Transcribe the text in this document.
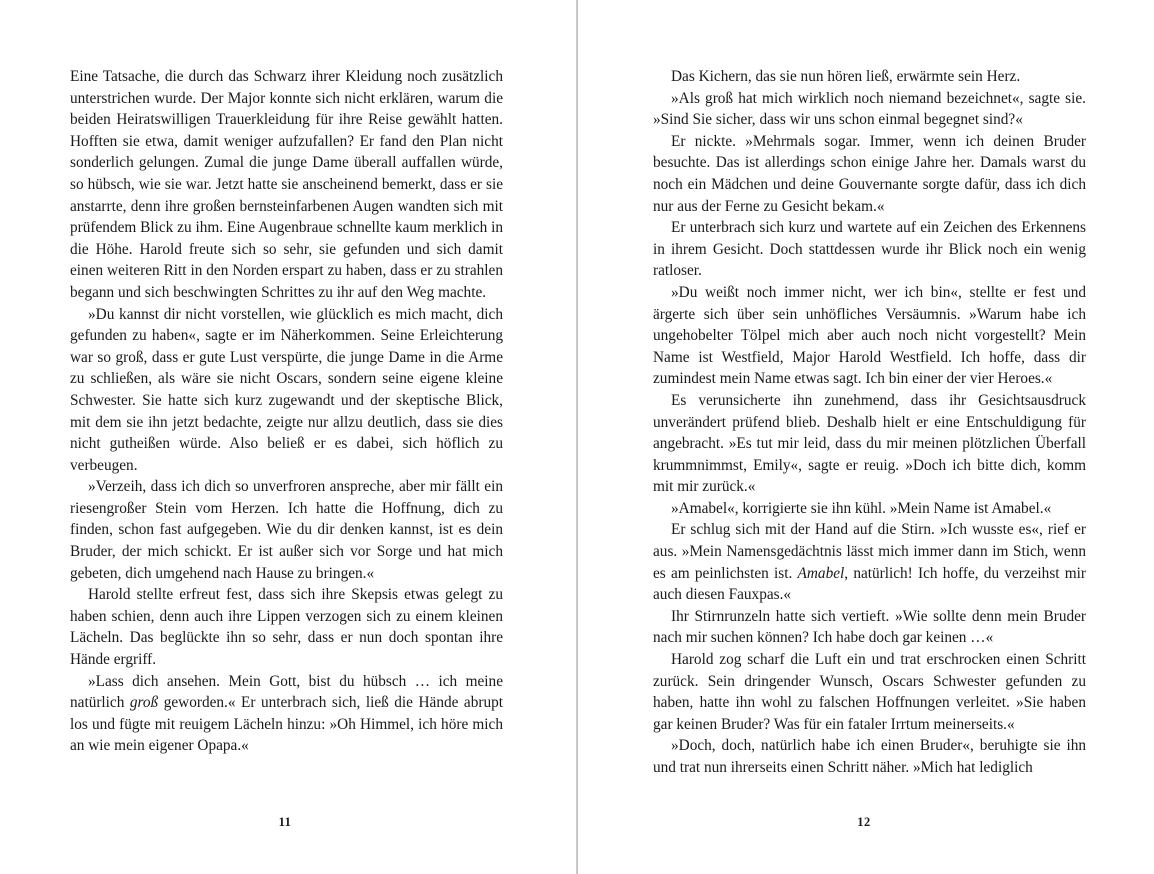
Eine Tatsache, die durch das Schwarz ihrer Kleidung noch zusätzlich unterstrichen wurde. Der Major konnte sich nicht erklären, warum die beiden Heiratswilligen Trauerkleidung für ihre Reise gewählt hatten. Hofften sie etwa, damit weniger aufzufallen? Er fand den Plan nicht sonderlich gelungen. Zumal die junge Dame überall auffallen würde, so hübsch, wie sie war. Jetzt hatte sie anscheinend bemerkt, dass er sie anstarrte, denn ihre großen bernsteinfarbenen Augen wandten sich mit prüfendem Blick zu ihm. Eine Augenbraue schnellte kaum merklich in die Höhe. Harold freute sich so sehr, sie gefunden und sich damit einen weiteren Ritt in den Norden erspart zu haben, dass er zu strahlen begann und sich beschwingten Schrittes zu ihr auf den Weg machte.

»Du kannst dir nicht vorstellen, wie glücklich es mich macht, dich gefunden zu haben«, sagte er im Näherkommen. Seine Erleichterung war so groß, dass er gute Lust verspürte, die junge Dame in die Arme zu schließen, als wäre sie nicht Oscars, sondern seine eigene kleine Schwester. Sie hatte sich kurz zugewandt und der skeptische Blick, mit dem sie ihn jetzt bedachte, zeigte nur allzu deutlich, dass sie dies nicht gutheißen würde. Also beließ er es dabei, sich höflich zu verbeugen.

»Verzeih, dass ich dich so unverfroren anspreche, aber mir fällt ein riesengroßer Stein vom Herzen. Ich hatte die Hoffnung, dich zu finden, schon fast aufgegeben. Wie du dir denken kannst, ist es dein Bruder, der mich schickt. Er ist außer sich vor Sorge und hat mich gebeten, dich umgehend nach Hause zu bringen.«

Harold stellte erfreut fest, dass sich ihre Skepsis etwas gelegt zu haben schien, denn auch ihre Lippen verzogen sich zu einem kleinen Lächeln. Das beglückte ihn so sehr, dass er nun doch spontan ihre Hände ergriff.

»Lass dich ansehen. Mein Gott, bist du hübsch … ich meine natürlich groß geworden.« Er unterbrach sich, ließ die Hände abrupt los und fügte mit reuigem Lächeln hinzu: »Oh Himmel, ich höre mich an wie mein eigener Opapa.«

11

Das Kichern, das sie nun hören ließ, erwärmte sein Herz.

»Als groß hat mich wirklich noch niemand bezeichnet«, sagte sie. »Sind Sie sicher, dass wir uns schon einmal begegnet sind?«

Er nickte. »Mehrmals sogar. Immer, wenn ich deinen Bruder besuchte. Das ist allerdings schon einige Jahre her. Damals warst du noch ein Mädchen und deine Gouvernante sorgte dafür, dass ich dich nur aus der Ferne zu Gesicht bekam.«

Er unterbrach sich kurz und wartete auf ein Zeichen des Erkennens in ihrem Gesicht. Doch stattdessen wurde ihr Blick noch ein wenig ratloser.

»Du weißt noch immer nicht, wer ich bin«, stellte er fest und ärgerte sich über sein unhöfliches Versäumnis. »Warum habe ich ungehobelter Tölpel mich aber auch noch nicht vorgestellt? Mein Name ist Westfield, Major Harold Westfield. Ich hoffe, dass dir zumindest mein Name etwas sagt. Ich bin einer der vier Heroes.«

Es verunsicherte ihn zunehmend, dass ihr Gesichtsausdruck unverändert prüfend blieb. Deshalb hielt er eine Entschuldigung für angebracht. »Es tut mir leid, dass du mir meinen plötzlichen Überfall krummnimmst, Emily«, sagte er reuig. »Doch ich bitte dich, komm mit mir zurück.«

»Amabel«, korrigierte sie ihn kühl. »Mein Name ist Amabel.«

Er schlug sich mit der Hand auf die Stirn. »Ich wusste es«, rief er aus. »Mein Namensgedächtnis lässt mich immer dann im Stich, wenn es am peinlichsten ist. Amabel, natürlich! Ich hoffe, du verzeihst mir auch diesen Fauxpas.«

Ihr Stirnrunzeln hatte sich vertieft. »Wie sollte denn mein Bruder nach mir suchen können? Ich habe doch gar keinen …«

Harold zog scharf die Luft ein und trat erschrocken einen Schritt zurück. Sein dringender Wunsch, Oscars Schwester gefunden zu haben, hatte ihn wohl zu falschen Hoffnungen verleitet. »Sie haben gar keinen Bruder? Was für ein fataler Irrtum meinerseits.«

»Doch, doch, natürlich habe ich einen Bruder«, beruhigte sie ihn und trat nun ihrerseits einen Schritt näher. »Mich hat lediglich

12
